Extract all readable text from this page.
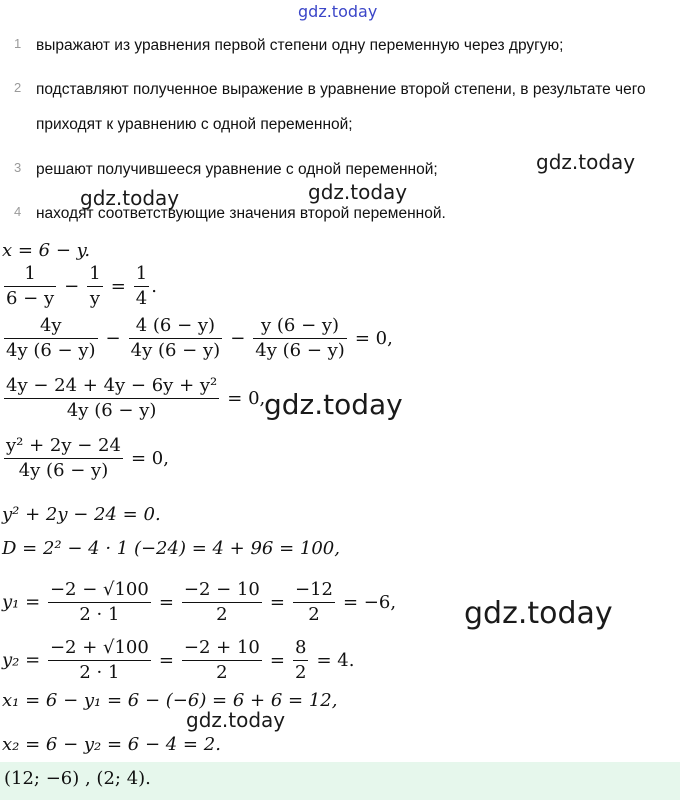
gdz.today
1 выражают из уравнения первой степени одну переменную через другую;
2 подставляют полученное выражение в уравнение второй степени, в результате чего приходят к уравнению с одной переменной;
3 решают получившееся уравнение с одной переменной;
4 находят соответствующие значения второй переменной.
gdz.today
gdz.today	gdz.today
x = 6 − y.
$\frac{1}{6 - y} - \frac{1}{y} = \frac{1}{4}$ .
$\frac{4y}{4y (6 - y)} - \frac{4 (6 - y)}{4y (6 - y)} - \frac{y (6 - y)}{4y (6 - y)} = 0$,
$\frac{\text{4y − 24 + 4y − 6y + y²}}{4y (6 - y)} = 0$,
gdz.today
$\frac{\text{y² + 2y − 24}}{4y (6 - y)} = 0$,
y² + 2y − 24 = 0.
D = 2² − 4 · 1 (−24) = 4 + 96 = 100,
$y_1 = \frac{-2 - √100}{2 \cdot 1} = \frac{-2 - 10}{2} = \frac{-12}{2} = -6$, gdz.today
$y_2 = \frac{-2 + √100}{2 \cdot 1} = \frac{-2 + 10}{2} = \frac{8}{2} = 4$.
x₁ = 6 − y₁ = 6 − (−6) = 6 + 6 = 12,
gdz.today
x₂ = 6 − y₂ = 6 − 4 = 2.
(12; −6) , (2; 4).
